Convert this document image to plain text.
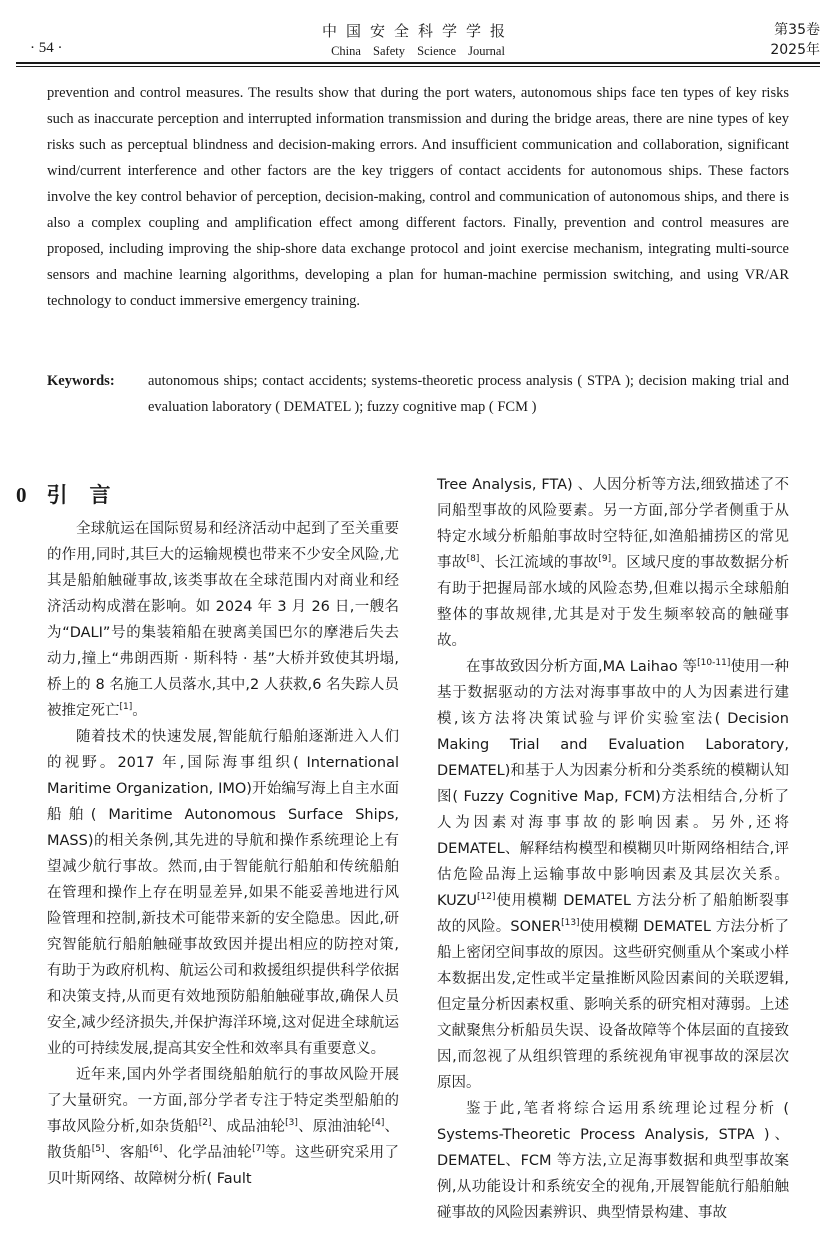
· 54 ·
中国安全科学学报
China Safety Science Journal
第35卷
2025年

prevention and control measures. The results show that during the port waters, autonomous ships face ten types of key risks such as inaccurate perception and interrupted information transmission and during the bridge areas, there are nine types of key risks such as perceptual blindness and decision-making errors. And insufficient communication and collaboration, significant wind/current interference and other factors are the key triggers of contact accidents for autonomous ships. These factors involve the key control behavior of perception, decision-making, control and communication of autonomous ships, and there is also a complex coupling and amplification effect among different factors. Finally, prevention and control measures are proposed, including improving the ship-shore data exchange protocol and joint exercise mechanism, integrating multi-source sensors and machine learning algorithms, developing a plan for human-machine permission switching, and using VR/AR technology to conduct immersive emergency training.

Keywords: autonomous ships; contact accidents; systems-theoretic process analysis ( STPA ); decision making trial and evaluation laboratory ( DEMATEL ); fuzzy cognitive map ( FCM )
0 引言

全球航运在国际贸易和经济活动中起到了至关重要的作用,同时,其巨大的运输规模也带来不少安全风险,尤其是船舶触碰事故,该类事故在全球范围内对商业和经济活动构成潜在影响。如 2024 年 3 月 26 日,一艘名为“DALI”号的集装箱船在驶离美国巴尔的摩港后失去动力,撞上“弗朗西斯 · 斯科特 · 基”大桥并致使其坍塌,桥上的 8 名施工人员落水,其中,2 人获救,6 名失踪人员被推定死亡[1]。

随着技术的快速发展,智能航行船舶逐渐进入人们的视野。2017 年,国际海事组织( International Maritime Organization, IMO)开始编写海上自主水面船舶( Maritime Autonomous Surface Ships, MASS)的相关条例,其先进的导航和操作系统理论上有望减少航行事故。然而,由于智能航行船舶和传统船舶在管理和操作上存在明显差异,如果不能妥善地进行风险管理和控制,新技术可能带来新的安全隐患。因此,研究智能航行船舶触碰事故致因并提出相应的防控对策,有助于为政府机构、航运公司和救援组织提供科学依据和决策支持,从而更有效地预防船舶触碰事故,确保人员安全,减少经济损失,并保护海洋环境,这对促进全球航运业的可持续发展,提高其安全性和效率具有重要意义。

近年来,国内外学者围绕船舶航行的事故风险开展了大量研究。一方面,部分学者专注于特定类型船舶的事故风险分析,如杂货船[2]、成品油轮[3]、原油油轮[4]、散货船[5]、客船[6]、化学品油轮[7]等。这些研究采用了贝叶斯网络、故障树分析( Fault

Tree Analysis, FTA) 、人因分析等方法,细致描述了不同船型事故的风险要素。另一方面,部分学者侧重于从特定水域分析船舶事故时空特征,如渔船捕捞区的常见事故[8]、长江流域的事故[9]。区域尺度的事故数据分析有助于把握局部水域的风险态势,但难以揭示全球船舶整体的事故规律,尤其是对于发生频率较高的触碰事故。

在事故致因分析方面,MA Laihao 等[10-11]使用一种基于数据驱动的方法对海事事故中的人为因素进行建模,该方法将决策试验与评价实验室法( Decision Making Trial and Evaluation Laboratory, DEMATEL)和基于人为因素分析和分类系统的模糊认知图( Fuzzy Cognitive Map, FCM)方法相结合,分析了人为因素对海事事故的影响因素。另外,还将 DEMATEL、解释结构模型和模糊贝叶斯网络相结合,评估危险品海上运输事故中影响因素及其层次关系。KUZU[12]使用模糊 DEMATEL 方法分析了船舶断裂事故的风险。SONER[13]使用模糊 DEMATEL 方法分析了船上密闭空间事故的原因。这些研究侧重从个案或小样本数据出发,定性或半定量推断风险因素间的关联逻辑,但定量分析因素权重、影响关系的研究相对薄弱。上述文献聚焦分析船员失误、设备故障等个体层面的直接致因,而忽视了从组织管理的系统视角审视事故的深层次原因。

鉴于此,笔者将综合运用系统理论过程分析 ( Systems-Theoretic Process Analysis, STPA )、DEMATEL、FCM 等方法,立足海事数据和典型事故案例,从功能设计和系统安全的视角,开展智能航行船舶触碰事故的风险因素辨识、典型情景构建、事故
